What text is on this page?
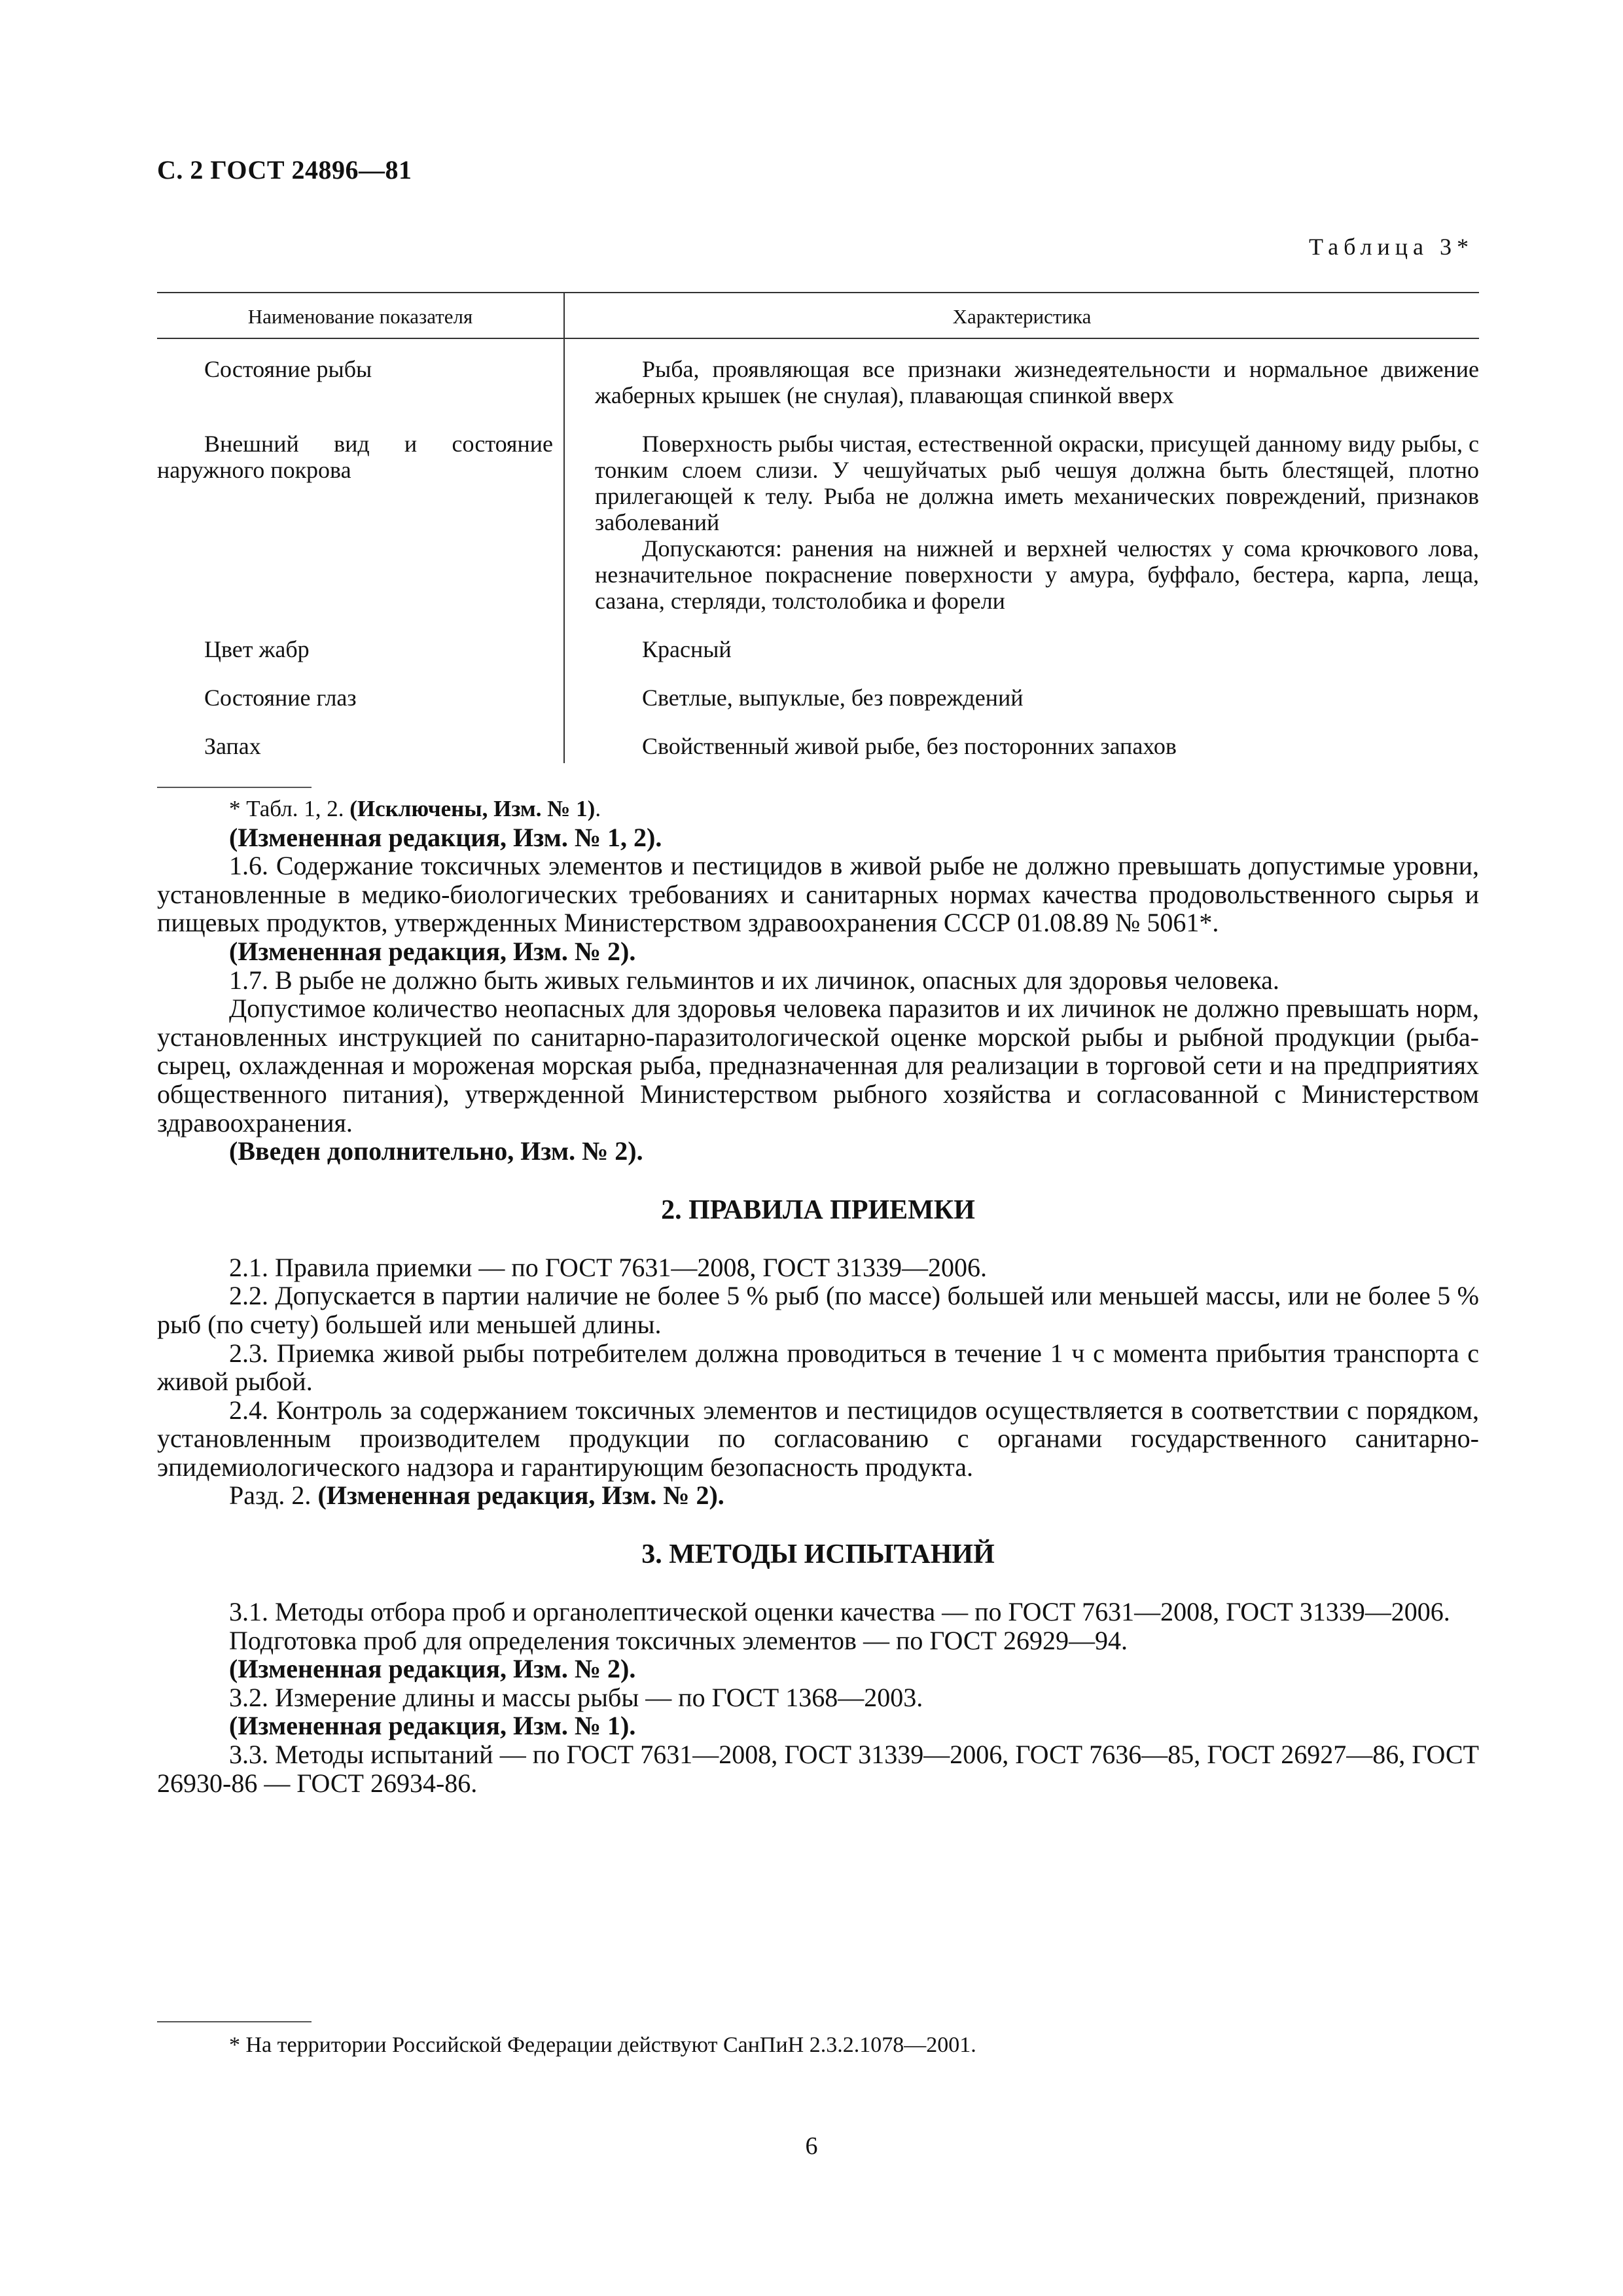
С. 2 ГОСТ 24896—81
Таблица 3*
Наименование показателя	Характеристика

Состояние рыбы	Рыба, проявляющая все признаки жизнедеятельности и нормальное движение жаберных крышек (не снулая), плавающая спинкой вверх

Внешний вид и состояние наружного покрова	Поверхность рыбы чистая, естественной окраски, присущей данному виду рыбы, с тонким слоем слизи. У чешуйчатых рыб чешуя должна быть блестящей, плотно прилегающей к телу. Рыба не должна иметь механических повреждений, признаков заболеваний
Допускаются: ранения на нижней и верхней челюстях у сома крючкового лова, незначительное покраснение поверхности у амура, буффало, бестера, карпа, леща, сазана, стерляди, толстолобика и форели

Цвет жабр	Красный

Состояние глаз	Светлые, выпуклые, без повреждений

Запах	Свойственный живой рыбе, без посторонних запахов

* Табл. 1, 2. (Исключены, Изм. № 1).

(Измененная редакция, Изм. № 1, 2).

1.6. Содержание токсичных элементов и пестицидов в живой рыбе не должно превышать допустимые уровни, установленные в медико-биологических требованиях и санитарных нормах качества продовольственного сырья и пищевых продуктов, утвержденных Министерством здравоохранения СССР 01.08.89 № 5061*.

(Измененная редакция, Изм. № 2).

1.7. В рыбе не должно быть живых гельминтов и их личинок, опасных для здоровья человека.

Допустимое количество неопасных для здоровья человека паразитов и их личинок не должно превышать норм, установленных инструкцией по санитарно-паразитологической оценке морской рыбы и рыбной продукции (рыба-сырец, охлажденная и мороженая морская рыба, предназначенная для реализации в торговой сети и на предприятиях общественного питания), утвержденной Министерством рыбного хозяйства и согласованной с Министерством здравоохранения.

(Введен дополнительно, Изм. № 2).

2. ПРАВИЛА ПРИЕМКИ

2.1. Правила приемки — по ГОСТ 7631—2008, ГОСТ 31339—2006.

2.2. Допускается в партии наличие не более 5 % рыб (по массе) большей или меньшей массы, или не более 5 % рыб (по счету) большей или меньшей длины.

2.3. Приемка живой рыбы потребителем должна проводиться в течение 1 ч с момента прибытия транспорта с живой рыбой.

2.4. Контроль за содержанием токсичных элементов и пестицидов осуществляется в соответствии с порядком, установленным производителем продукции по согласованию с органами государственного санитарно-эпидемиологического надзора и гарантирующим безопасность продукта.

Разд. 2. (Измененная редакция, Изм. № 2).

3. МЕТОДЫ ИСПЫТАНИЙ

3.1. Методы отбора проб и органолептической оценки качества — по ГОСТ 7631—2008, ГОСТ 31339—2006.

Подготовка проб для определения токсичных элементов — по ГОСТ 26929—94.

(Измененная редакция, Изм. № 2).

3.2. Измерение длины и массы рыбы — по ГОСТ 1368—2003.

(Измененная редакция, Изм. № 1).

3.3. Методы испытаний — по ГОСТ 7631—2008, ГОСТ 31339—2006, ГОСТ 7636—85, ГОСТ 26927—86, ГОСТ 26930-86 — ГОСТ 26934-86.

* На территории Российской Федерации действуют СанПиН 2.3.2.1078—2001.
6
